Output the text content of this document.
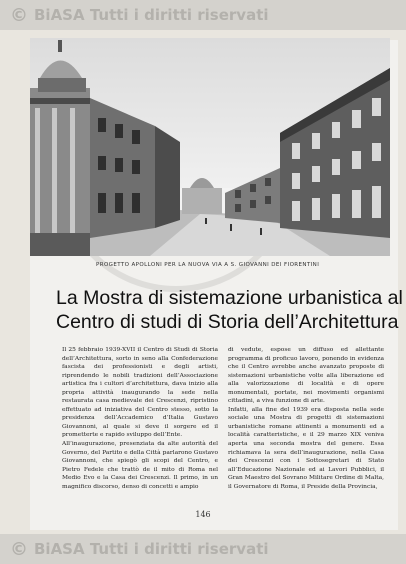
© BiASA Tutti i diritti riservati
PROGETTO APOLLONI PER LA NUOVA VIA A S. GIOVANNI DEI FIORENTINI
La Mostra di sistemazione urbanistica al
Centro di studi di Storia dell’Architettura

Il 25 febbraio 1939-XVII il Centro di Studi di Storia dell’Architettura, sorto in seno alla Confederazione fascista dei professionisti e degli artisti, riprendendo le nobili tradizioni dell’Associazione artistica fra i cultori d’architettura, dava inizio alla propria attività inaugurando la sede nella restaurata casa medievale dei Crescenzi, ripristino effettuato ad iniziativa del Centro stesso, sotto la presidenza dell’Accademico d’Italia Gustavo Giovannoni, al quale si deve il sorgere ed il prometterte e rapido sviluppo dell’Ente.

All’inaugurazione, presenziata da alte autorità del Governo, del Partito e della Città parlarono Gustavo Giovannoni, che spiegò gli scopi del Centro, e Pietro Fedele che trattò de il mito di Roma nel Medio Evo e la Casa dei Crescenzi. Il primo, in un magnifico discorso, denso di concetti e ampio

di vedute, espose un diffuso ed allettante programma di proficuo lavoro, ponendo in evidenza che il Centro avrebbe anche avanzato proposte di sistemazioni urbanistiche volte alla liberazione ed alla valorizzazione di località e di opere monumentali, portate, nei movimenti organismi cittadini, a viva funzione di arte.

Infatti, alla fine del 1939 era disposta nella sede sociale una Mostra di progetti di sistemazioni urbanistiche romane attinenti a monumenti ed a località caratteristiche, e il 29 marzo XIX veniva aperta una seconda mostra del genere. Essa richiamava la sera dell’inaugurazione, nella Casa dei Crescenzi con i Sottosegretari di Stato all’Educazione Nazionale ed ai Lavori Pubblici, il Gran Maestro del Sovrano Militare Ordine di Malta, il Governatore di Roma, il Preside della Provincia,

146
© BiASA Tutti i diritti riservati
